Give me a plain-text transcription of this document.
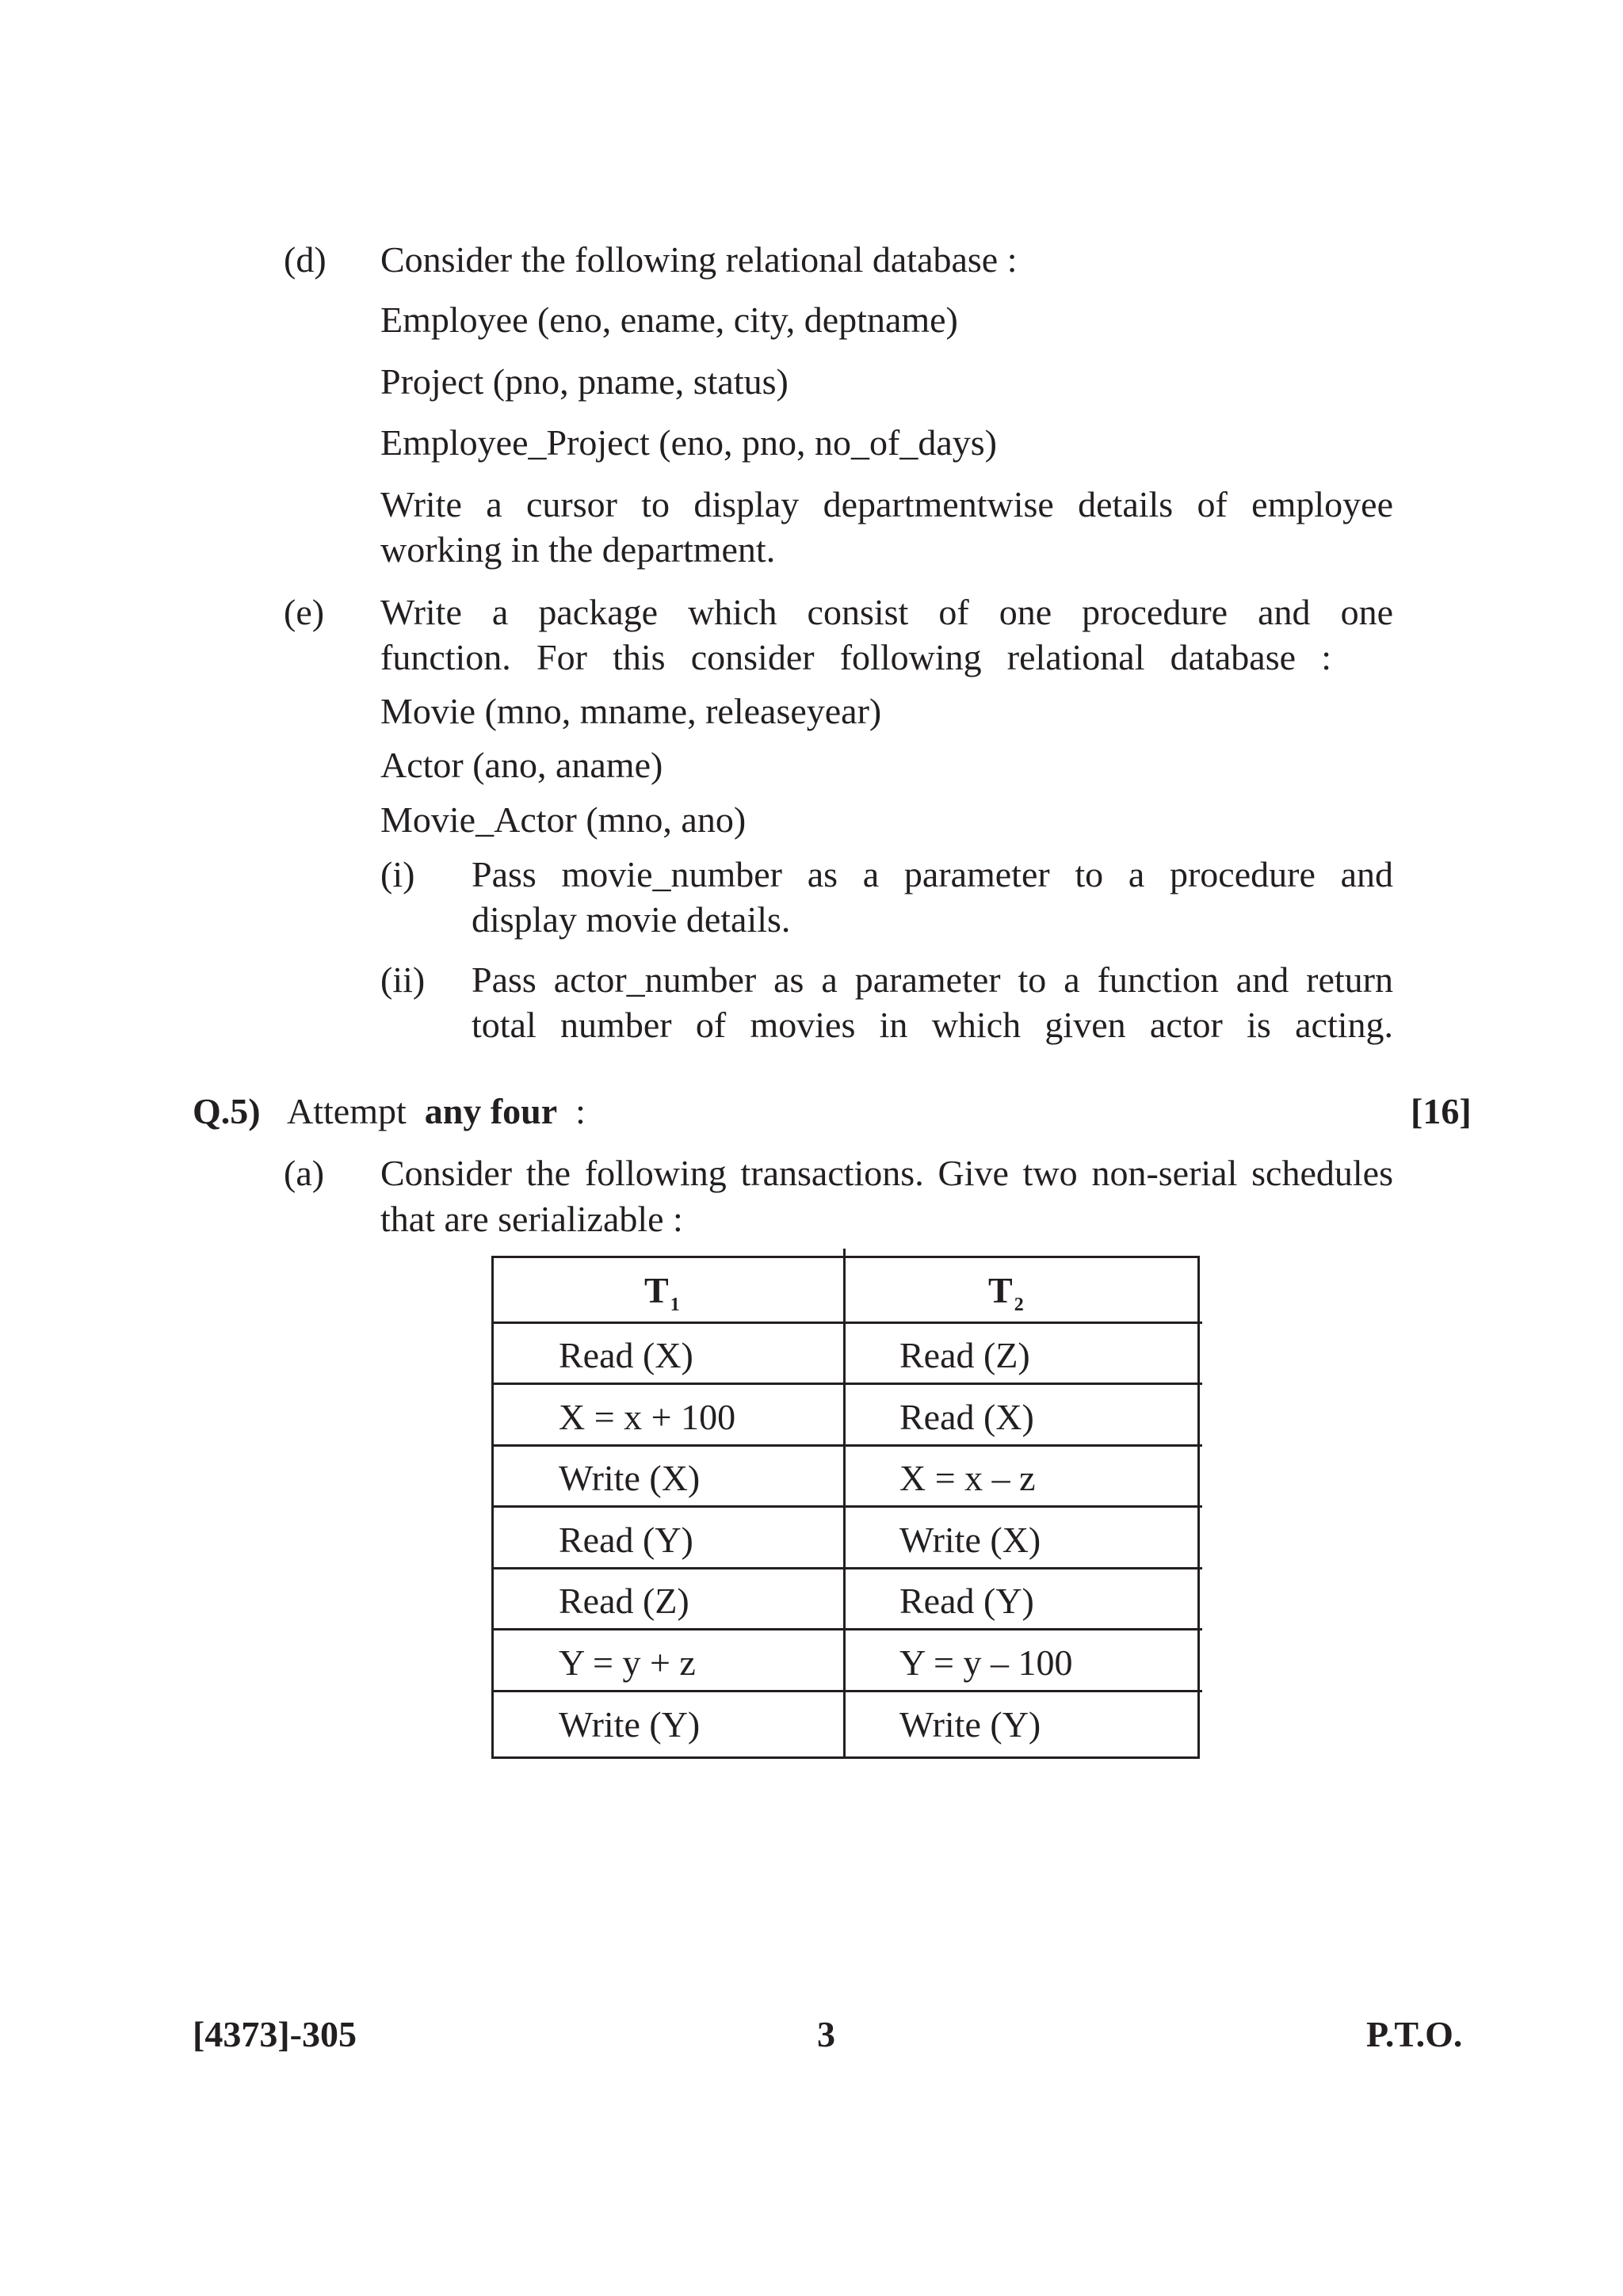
(d) Consider the following relational database :
Employee (eno, ename, city, deptname)
Project (pno, pname, status)
Employee_Project (eno, pno, no_of_days)
Write a cursor to display departmentwise details of employee
working in the department.
(e) Write a package which consist of one procedure and one
function. For this consider following relational database :
Movie (mno, mname, releaseyear)
Actor (ano, aname)
Movie_Actor (mno, ano)
(i) Pass movie_number as a parameter to a procedure and
display movie details.
(ii) Pass actor_number as a parameter to a function and return
total number of movies in which given actor is acting.
Q.5) Attempt any four :	[16]
(a) Consider the following transactions. Give two non-serial schedules
that are serializable :
$T_1$	$T_2$
Read (X)	Read (Z)
X = x + 100	Read (X)
Write (X)	X = x – z
Read (Y)	Write (X)
Read (Z)	Read (Y)
Y = y + z	Y = y – 100
Write (Y)	Write (Y)
[4373]-305	3	P.T.O.
